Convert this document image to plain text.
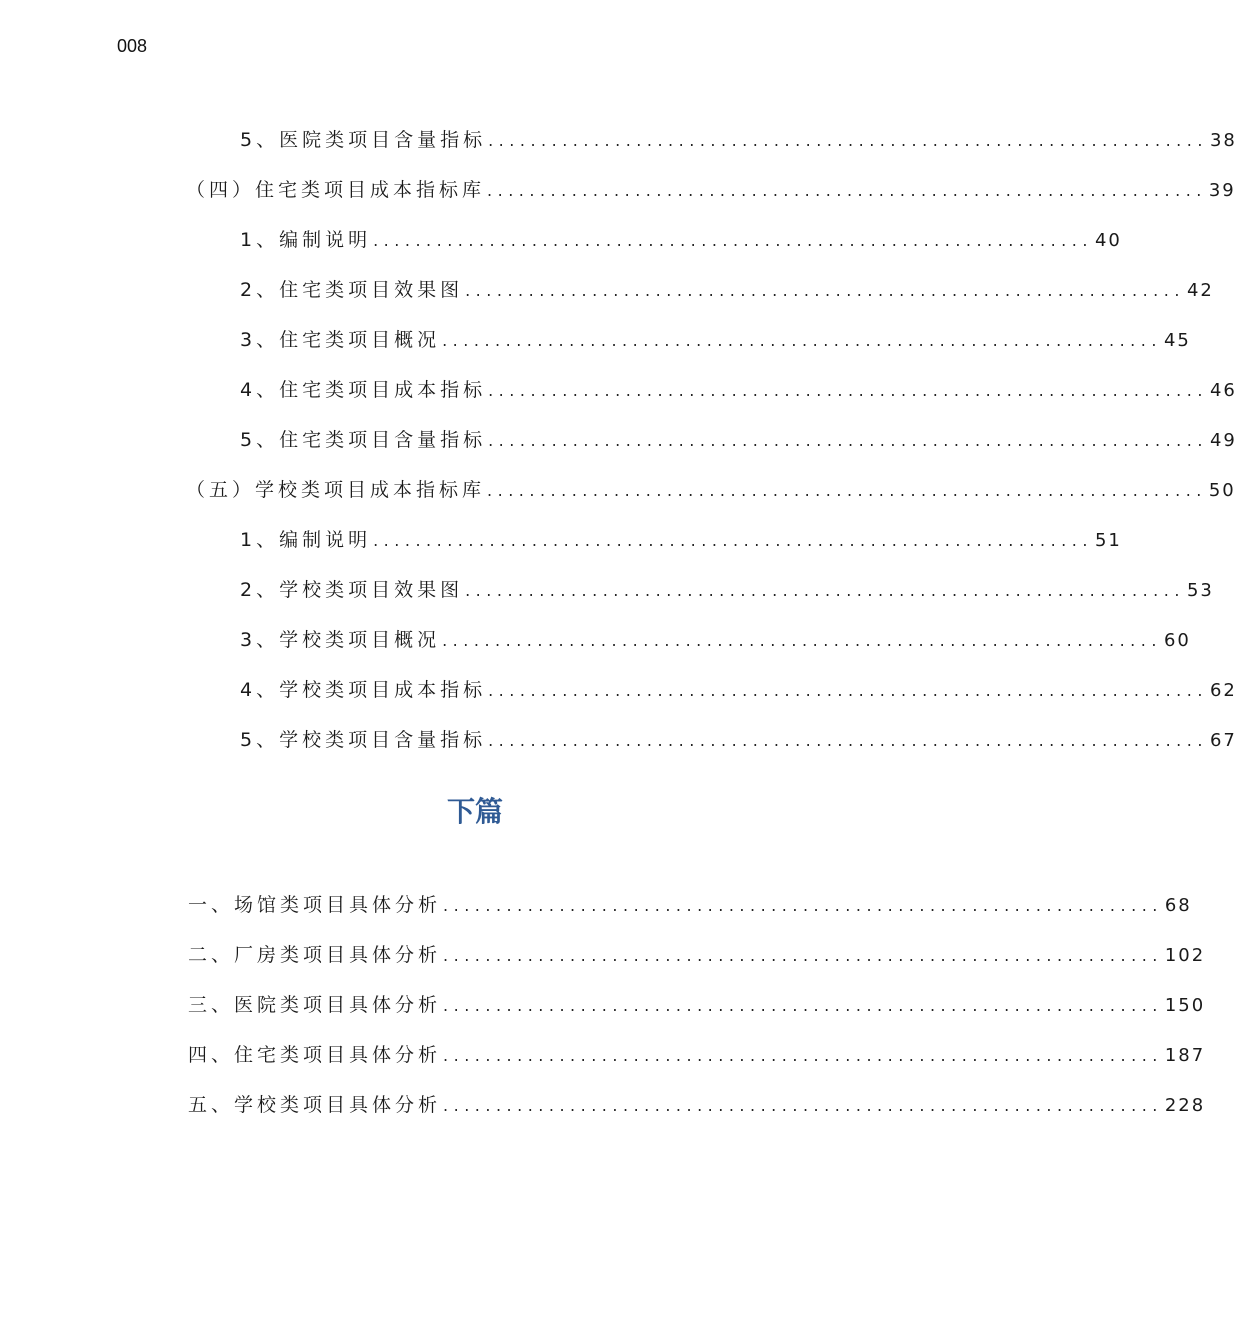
008
5、医院类项目含量指标 .................................................................... 38
（四）住宅类项目成本指标库 .................................................................... 39
1、编制说明 .................................................................... 40
2、住宅类项目效果图 .................................................................... 42
3、住宅类项目概况 .................................................................... 45
4、住宅类项目成本指标 .................................................................... 46
5、住宅类项目含量指标 .................................................................... 49
（五）学校类项目成本指标库 .................................................................... 50
1、编制说明 .................................................................... 51
2、学校类项目效果图 .................................................................... 53
3、学校类项目概况 .................................................................... 60
4、学校类项目成本指标 .................................................................... 62
5、学校类项目含量指标 .................................................................... 67
下篇
一、场馆类项目具体分析 .................................................................... 68
二、厂房类项目具体分析 .................................................................... 102
三、医院类项目具体分析 .................................................................... 150
四、住宅类项目具体分析 .................................................................... 187
五、学校类项目具体分析 .................................................................... 228
